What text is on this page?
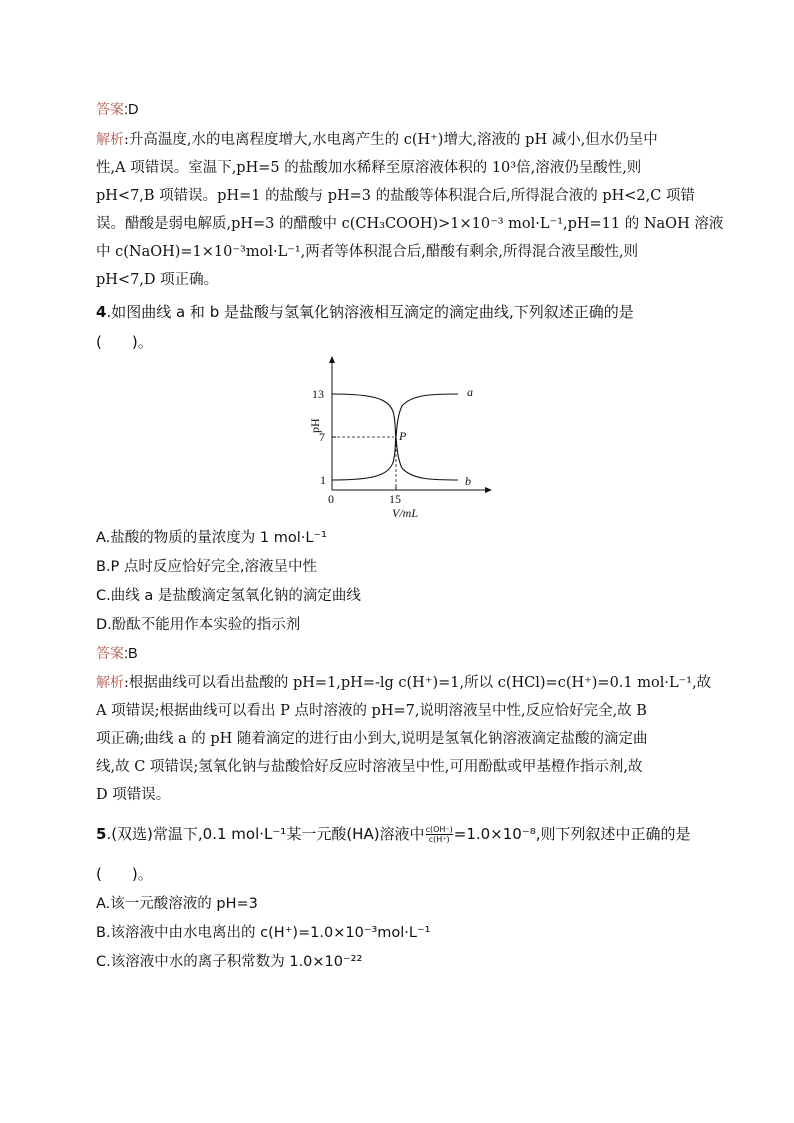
答案:D
解析:升高温度,水的电离程度增大,水电离产生的 c(H⁺)增大,溶液的 pH 减小,但水仍呈中
性,A 项错误。室温下,pH=5 的盐酸加水稀释至原溶液体积的 10³倍,溶液仍呈酸性,则
pH<7,B 项错误。pH=1 的盐酸与 pH=3 的盐酸等体积混合后,所得混合液的 pH<2,C 项错
误。醋酸是弱电解质,pH=3 的醋酸中 c(CH₃COOH)>1×10⁻³ mol·L⁻¹,pH=11 的 NaOH 溶液
中 c(NaOH)=1×10⁻³mol·L⁻¹,两者等体积混合后,醋酸有剩余,所得混合液呈酸性,则
pH<7,D 项正确。
4.如图曲线 a 和 b 是盐酸与氢氧化钠溶液相互滴定的滴定曲线,下列叙述正确的是
(　　)。
pH
13
7
1
0	15
V/mL
P
a
b
A.盐酸的物质的量浓度为 1 mol·L⁻¹
B.P 点时反应恰好完全,溶液呈中性
C.曲线 a 是盐酸滴定氢氧化钠的滴定曲线
D.酚酞不能用作本实验的指示剂
答案:B
解析:根据曲线可以看出盐酸的 pH=1,pH=-lg c(H⁺)=1,所以 c(HCl)=c(H⁺)=0.1 mol·L⁻¹,故
A 项错误;根据曲线可以看出 P 点时溶液的 pH=7,说明溶液呈中性,反应恰好完全,故 B
项正确;曲线 a 的 pH 随着滴定的进行由小到大,说明是氢氧化钠溶液滴定盐酸的滴定曲
线,故 C 项错误;氢氧化钠与盐酸恰好反应时溶液呈中性,可用酚酞或甲基橙作指示剂,故
D 项错误。
5.(双选)常温下,0.1 mol·L⁻¹某一元酸(HA)溶液中 $\frac{c(OH^-)}{c(H^+)} =1.0\times 10^{-8}$,则下列叙述中正确的是
(　　)。
A.该一元酸溶液的 pH=3
B.该溶液中由水电离出的 c(H⁺)=1.0×10⁻³mol·L⁻¹
C.该溶液中水的离子积常数为 1.0×10⁻²²
